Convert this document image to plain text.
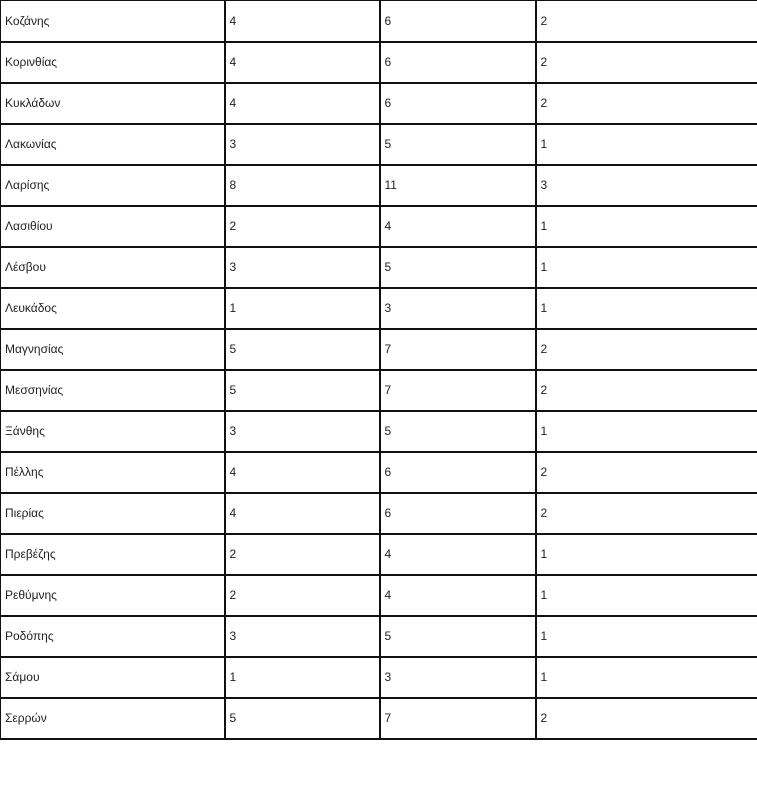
Κοζάνης	4	6	2
Κορινθίας	4	6	2
Κυκλάδων	4	6	2
Λακωνίας	3	5	1
Λαρίσης	8	11	3
Λασιθίου	2	4	1
Λέσβου	3	5	1
Λευκάδος	1	3	1
Μαγνησίας	5	7	2
Μεσσηνίας	5	7	2
Ξάνθης	3	5	1
Πέλλης	4	6	2
Πιερίας	4	6	2
Πρεβέζης	2	4	1
Ρεθύμνης	2	4	1
Ροδόπης	3	5	1
Σάμου	1	3	1
Σερρών	5	7	2
